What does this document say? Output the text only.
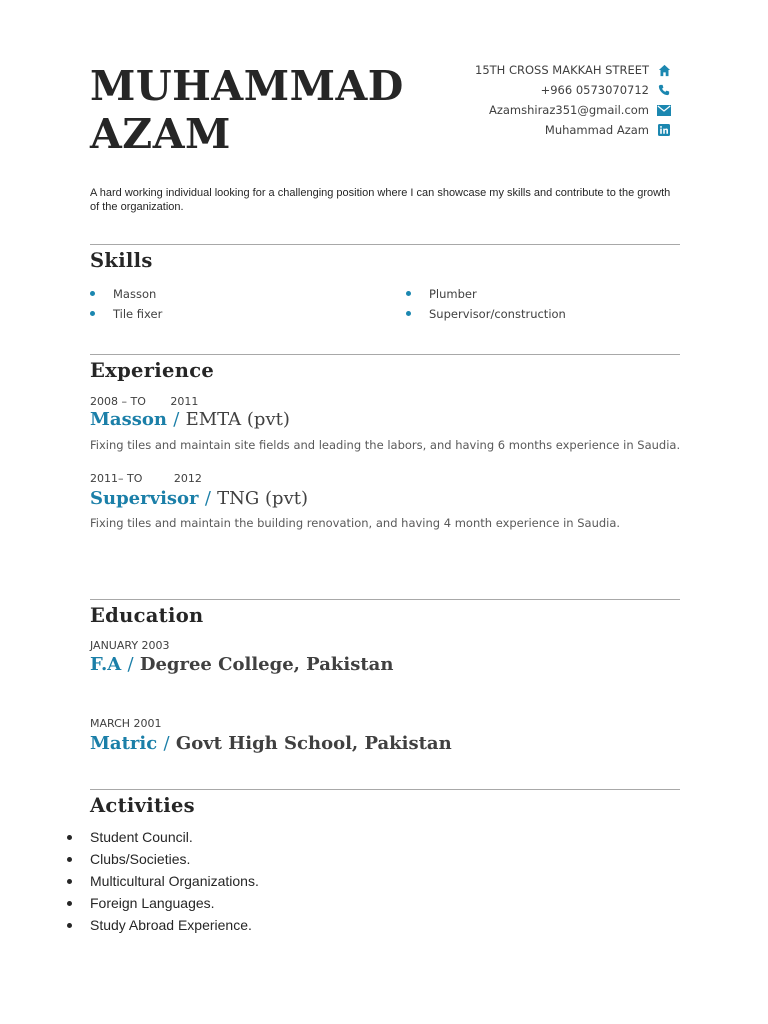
MUHAMMAD
AZAM
15TH CROSS MAKKAH STREET
+966 0573070712
Azamshiraz351@gmail.com
Muhammad Azam

A hard working individual looking for a challenging position where I can showcase my skills and contribute to the growth of the organization.

Skills
Masson
Tile fixer
Plumber
Supervisor/construction
Experience
2008 – TO       2011
Masson / EMTA (pvt)

Fixing tiles and maintain site fields and leading the labors, and having 6 months experience in Saudia.

2011– TO         2012
Supervisor / TNG (pvt)

Fixing tiles and maintain the building renovation, and having 4 month experience in Saudia.

Education
JANUARY 2003
F.A / Degree College, Pakistan
MARCH 2001
Matric / Govt High School, Pakistan
Activities
Student Council.
Clubs/Societies.
Multicultural Organizations.
Foreign Languages.
Study Abroad Experience.
